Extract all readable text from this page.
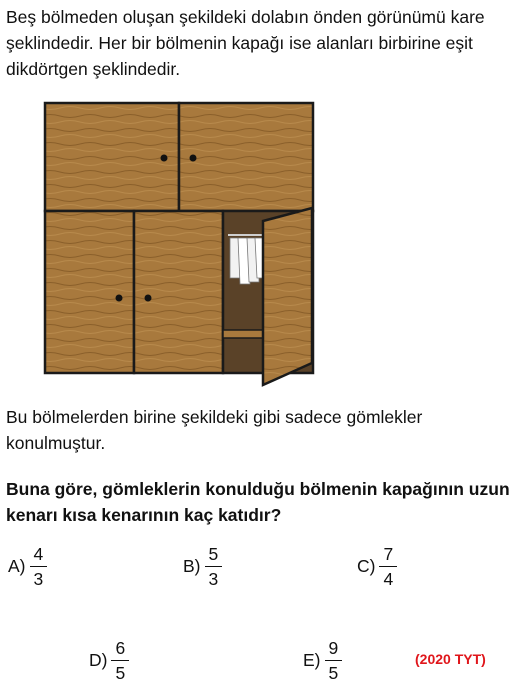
Beş bölmeden oluşan şekildeki dolabın önden görünümü kare şeklindedir. Her bir bölmenin kapağı ise alanları birbirine eşit dikdörtgen şeklindedir.

Bu bölmelerden birine şekildeki gibi sadece gömlekler konulmuştur.

Buna göre, gömleklerin konulduğu bölmenin kapağının uzun kenarı kısa kenarının kaç katıdır?

$A) \frac{4}{3}$	$B) \frac{5}{3}$	$C) \frac{7}{4}$
$D) \frac{6}{5}$	$E) \frac{9}{5}$	(2020 TYT)
